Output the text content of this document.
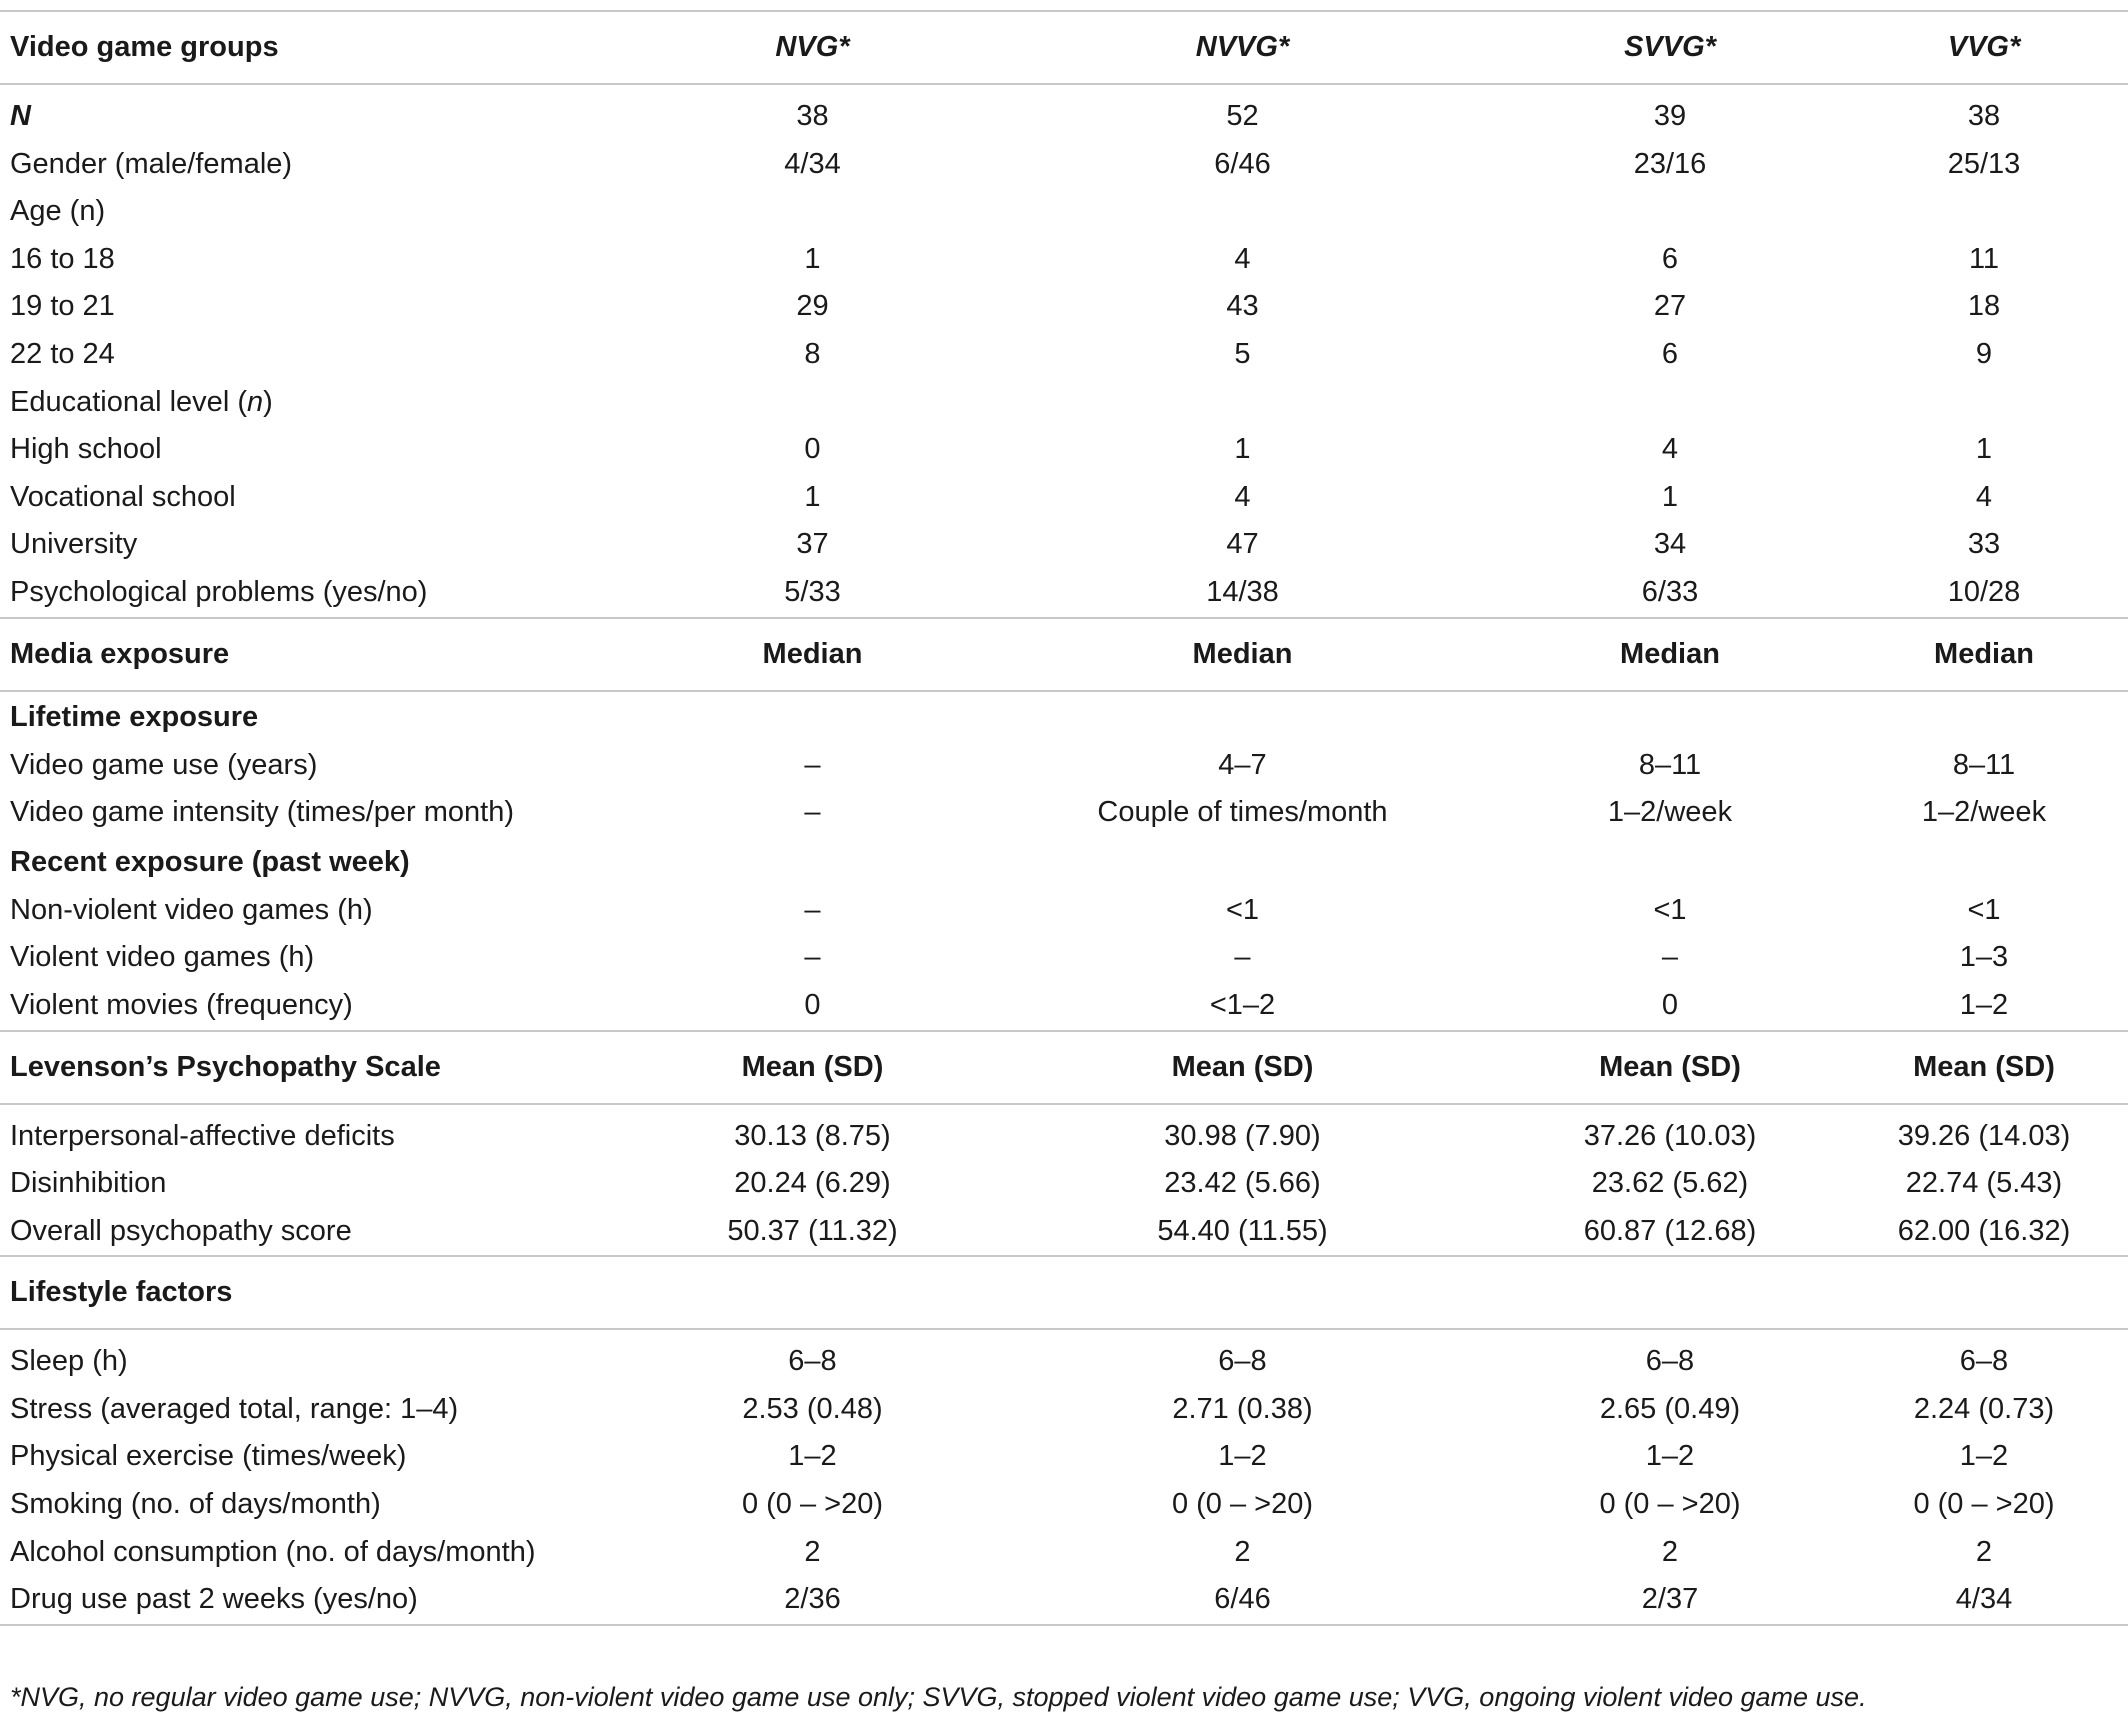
Video game groups	NVG*	NVVG*	SVVG*	VVG*
N	38	52	39	38
Gender (male/female)	4/34	6/46	23/16	25/13
Age (n)				
16 to 18	1	4	6	11
19 to 21	29	43	27	18
22 to 24	8	5	6	9
Educational level (n)				
High school	0	1	4	1
Vocational school	1	4	1	4
University	37	47	34	33
Psychological problems (yes/no)	5/33	14/38	6/33	10/28
Media exposure	Median	Median	Median	Median
Lifetime exposure				
Video game use (years)	–	4–7	8–11	8–11
Video game intensity (times/per month)	–	Couple of times/month	1–2/week	1–2/week
Recent exposure (past week)				
Non-violent video games (h)	–	<1	<1	<1
Violent video games (h)	–	–	–	1–3
Violent movies (frequency)	0	<1–2	0	1–2
Levenson’s Psychopathy Scale	Mean (SD)	Mean (SD)	Mean (SD)	Mean (SD)
Interpersonal-affective deficits	30.13 (8.75)	30.98 (7.90)	37.26 (10.03)	39.26 (14.03)
Disinhibition	20.24 (6.29)	23.42 (5.66)	23.62 (5.62)	22.74 (5.43)
Overall psychopathy score	50.37 (11.32)	54.40 (11.55)	60.87 (12.68)	62.00 (16.32)
Lifestyle factors				
Sleep (h)	6–8	6–8	6–8	6–8
Stress (averaged total, range: 1–4)	2.53 (0.48)	2.71 (0.38)	2.65 (0.49)	2.24 (0.73)
Physical exercise (times/week)	1–2	1–2	1–2	1–2
Smoking (no. of days/month)	0 (0 – >20)	0 (0 – >20)	0 (0 – >20)	0 (0 – >20)
Alcohol consumption (no. of days/month)	2	2	2	2
Drug use past 2 weeks (yes/no)	2/36	6/46	2/37	4/34
*NVG, no regular video game use; NVVG, non-violent video game use only; SVVG, stopped violent video game use; VVG, ongoing violent video game use.
